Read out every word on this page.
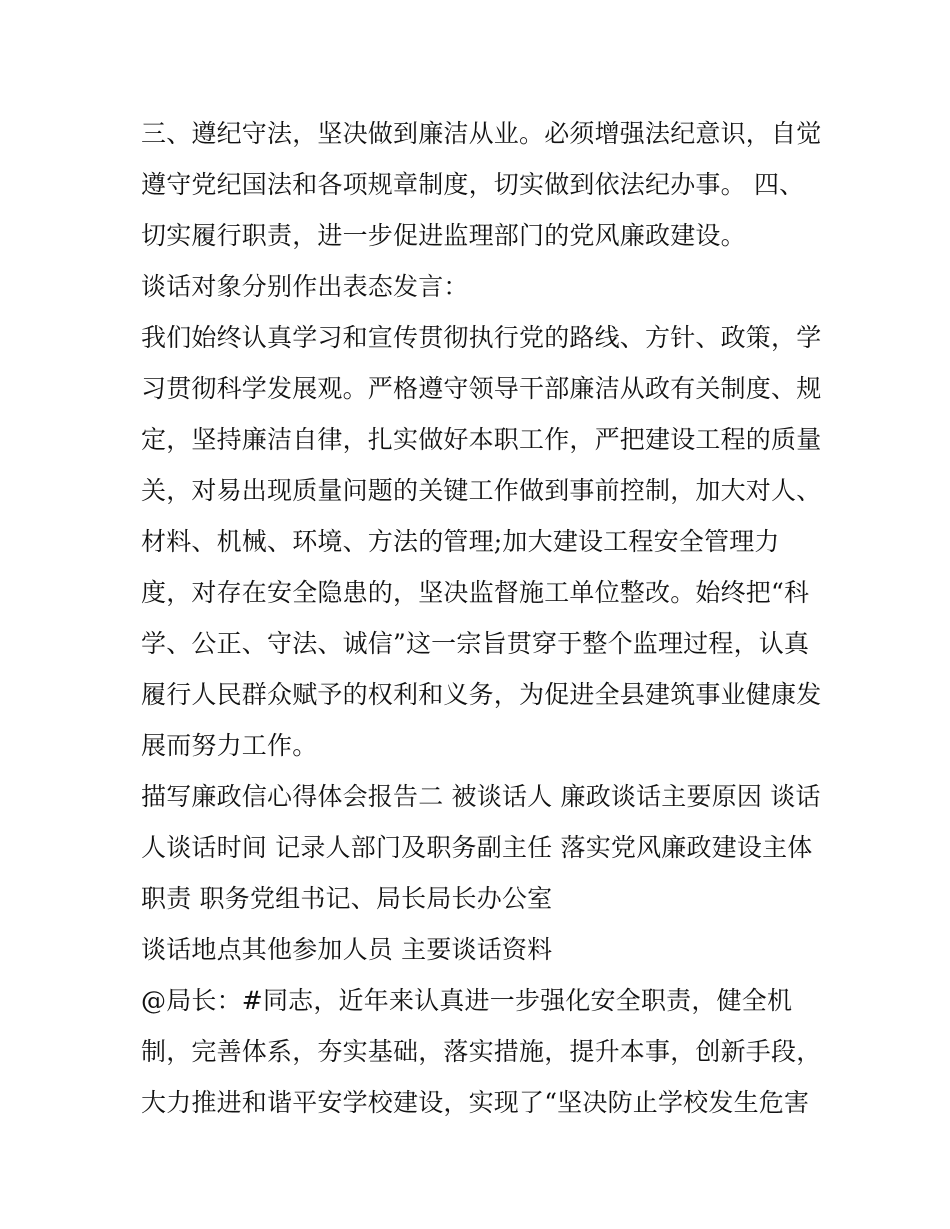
三、遵纪守法，坚决做到廉洁从业。必须增强法纪意识，自觉
遵守党纪国法和各项规章制度，切实做到依法纪办事。 四、
切实履行职责，进一步促进监理部门的党风廉政建设。
谈话对象分别作出表态发言：
我们始终认真学习和宣传贯彻执行党的路线、方针、政策，学
习贯彻科学发展观。严格遵守领导干部廉洁从政有关制度、规
定，坚持廉洁自律，扎实做好本职工作，严把建设工程的质量
关，对易出现质量问题的关键工作做到事前控制，加大对人、
材料、机械、环境、方法的管理;加大建设工程安全管理力
度，对存在安全隐患的，坚决监督施工单位整改。始终把“科
学、公正、守法、诚信”这一宗旨贯穿于整个监理过程，认真
履行人民群众赋予的权利和义务，为促进全县建筑事业健康发
展而努力工作。
描写廉政信心得体会报告二 被谈话人 廉政谈话主要原因 谈话
人谈话时间 记录人部门及职务副主任 落实党风廉政建设主体
职责 职务党组书记、局长局长办公室
谈话地点其他参加人员 主要谈话资料
@局长：#同志，近年来认真进一步强化安全职责，健全机
制，完善体系，夯实基础，落实措施，提升本事，创新手段，
大力推进和谐平安学校建设，实现了“坚决防止学校发生危害
